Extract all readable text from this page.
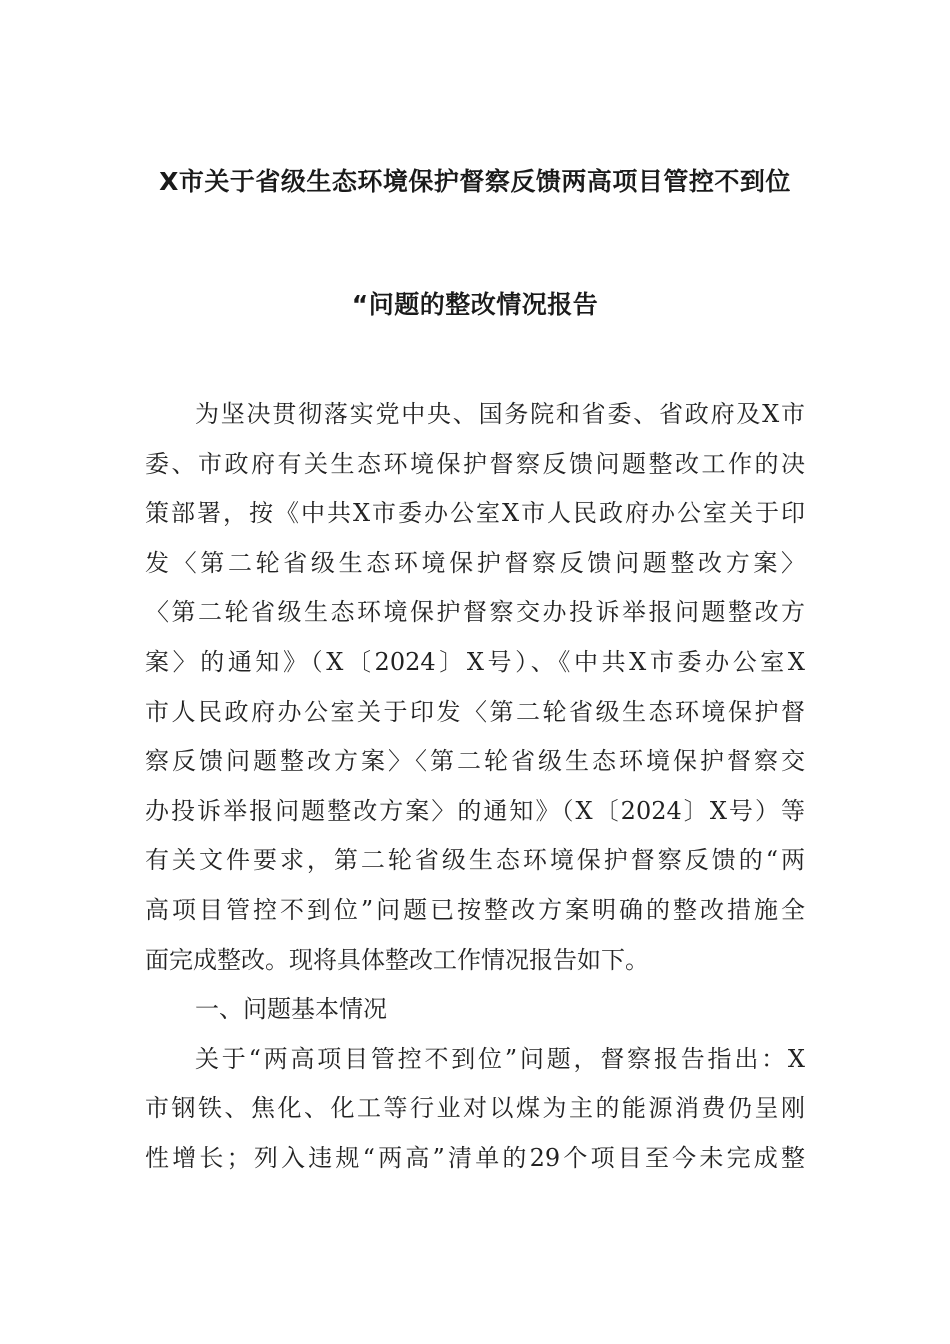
X市关于省级生态环境保护督察反馈两高项目管控不到位
“问题的整改情况报告
为坚决贯彻落实党中央、国务院和省委、省政府及X市
委、市政府有关生态环境保护督察反馈问题整改工作的决
策部署，按《中共X市委办公室X市人民政府办公室关于印
发〈第二轮省级生态环境保护督察反馈问题整改方案〉
〈第二轮省级生态环境保护督察交办投诉举报问题整改方
案〉的通知》（X〔2024〕X号）、《中共X市委办公室X
市人民政府办公室关于印发〈第二轮省级生态环境保护督
察反馈问题整改方案〉〈第二轮省级生态环境保护督察交
办投诉举报问题整改方案〉的通知》（X〔2024〕X号）等
有关文件要求，第二轮省级生态环境保护督察反馈的“两
高项目管控不到位”问题已按整改方案明确的整改措施全
面完成整改。现将具体整改工作情况报告如下。
一、问题基本情况
关于“两高项目管控不到位”问题，督察报告指出：X
市钢铁、焦化、化工等行业对以煤为主的能源消费仍呈刚
性增长；列入违规“两高”清单的29个项目至今未完成整
